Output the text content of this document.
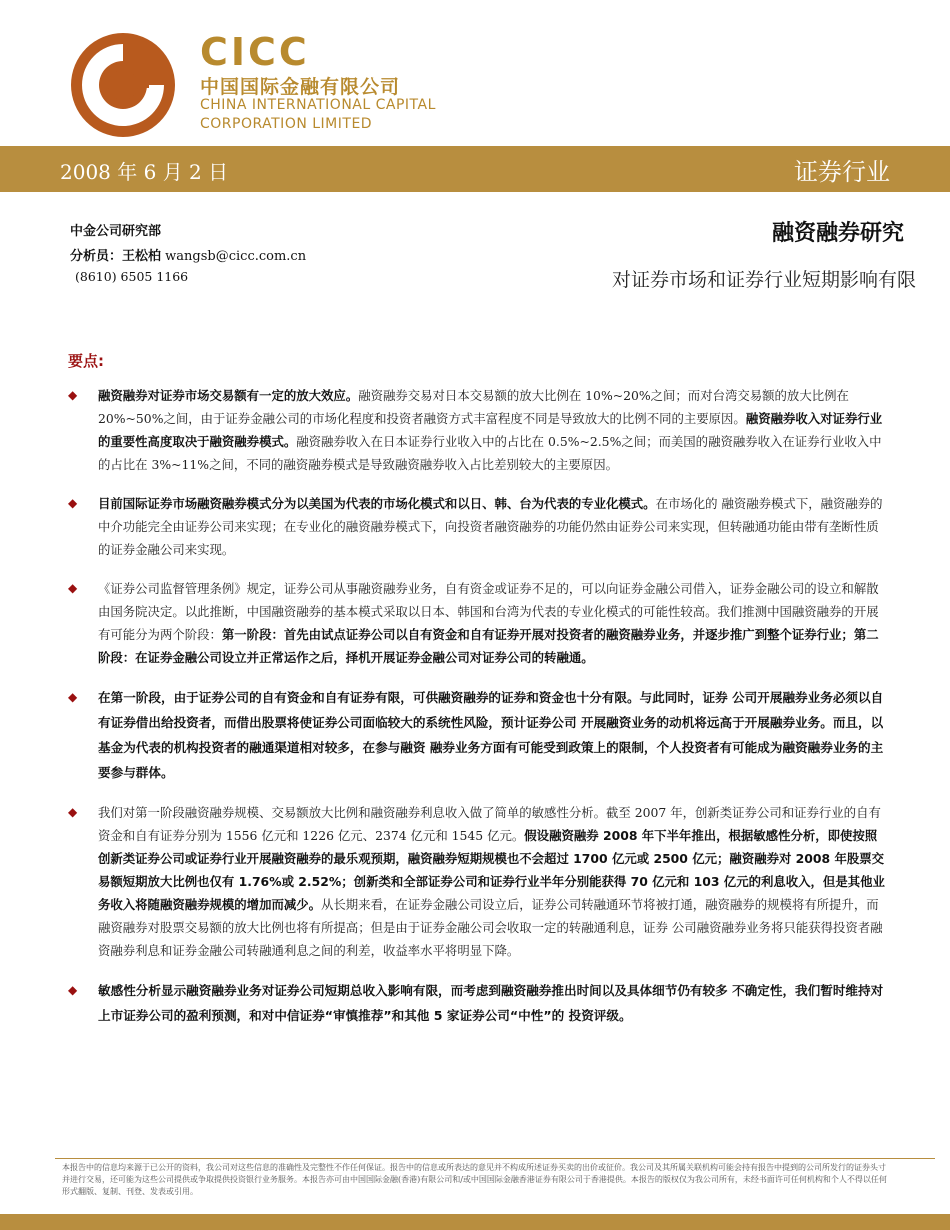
CICC
中国国际金融有限公司
CHINA INTERNATIONAL CAPITAL
CORPORATION LIMITED
2008 年 6 月 2 日	证券行业
中金公司研究部
分析员：王松柏 wangsb@cicc.com.cn
(8610) 6505 1166
融资融券研究
对证券市场和证券行业短期影响有限
要点:
◆ 融资融券对证券市场交易额有一定的放大效应。融资融券交易对日本交易额的放大比例在 10%~20%之间；而对台湾交易额的放大比例在 20%~50%之间，由于证券金融公司的市场化程度和投资者融资方式丰富程度不同是导致放大的比例不同的主要原因。融资融券收入对证券行业的重要性高度取决于融资融券模式。融资融券收入在日本证券行业收入中的占比在 0.5%~2.5%之间；而美国的融资融券收入在证券行业收入中的占比在 3%~11%之间，不同的融资融券模式是导致融资融券收入占比差别较大的主要原因。
◆ 目前国际证券市场融资融券模式分为以美国为代表的市场化模式和以日、韩、台为代表的专业化模式。在市场化的 融资融券模式下，融资融券的中介功能完全由证券公司来实现；在专业化的融资融券模式下，向投资者融资融券的功能仍然由证券公司来实现，但转融通功能由带有垄断性质的证券金融公司来实现。
◆ 《证券公司监督管理条例》规定，证券公司从事融资融券业务，自有资金或证券不足的，可以向证券金融公司借入，证券金融公司的设立和解散由国务院决定。以此推断，中国融资融券的基本模式采取以日本、韩国和台湾为代表的专业化模式的可能性较高。我们推测中国融资融券的开展有可能分为两个阶段：第一阶段：首先由试点证券公司以自有资金和自有证券开展对投资者的融资融券业务，并逐步推广到整个证券行业；第二阶段：在证券金融公司设立并正常运作之后，择机开展证券金融公司对证券公司的转融通。
◆ 在第一阶段，由于证券公司的自有资金和自有证券有限，可供融资融券的证券和资金也十分有限。与此同时，证券 公司开展融券业务必须以自有证券借出给投资者，而借出股票将使证券公司面临较大的系统性风险，预计证券公司 开展融资业务的动机将远高于开展融券业务。而且，以基金为代表的机构投资者的融通渠道相对较多，在参与融资 融券业务方面有可能受到政策上的限制，个人投资者有可能成为融资融券业务的主要参与群体。
◆ 我们对第一阶段融资融券规模、交易额放大比例和融资融券利息收入做了简单的敏感性分析。截至 2007 年，创新类证券公司和证券行业的自有资金和自有证券分别为 1556 亿元和 1226 亿元、2374 亿元和 1545 亿元。假设融资融券 2008 年下半年推出，根据敏感性分析，即使按照创新类证券公司或证券行业开展融资融券的最乐观预期，融资融券短期规模也不会超过 1700 亿元或 2500 亿元；融资融券对 2008 年股票交易额短期放大比例也仅有 1.76%或 2.52%；创新类和全部证券公司和证券行业半年分别能获得 70 亿元和 103 亿元的利息收入，但是其他业务收入将随融资融券规模的增加而减少。从长期来看，在证券金融公司设立后，证券公司转融通环节将被打通，融资融券的规模将有所提升，而融资融券对股票交易额的放大比例也将有所提高；但是由于证券金融公司会收取一定的转融通利息，证券 公司融资融券业务将只能获得投资者融资融券利息和证券金融公司转融通利息之间的利差，收益率水平将明显下降。
◆ 敏感性分析显示融资融券业务对证券公司短期总收入影响有限，而考虑到融资融券推出时间以及具体细节仍有较多 不确定性，我们暂时维持对上市证券公司的盈利预测，和对中信证券“审慎推荐”和其他 5 家证券公司“中性”的 投资评级。
本报告中的信息均来源于已公开的资料，我公司对这些信息的准确性及完整性不作任何保证。报告中的信息或所表达的意见并不构成所述证券买卖的出价或征价。我公司及其所属关联机构可能会持有报告中提到的公司所发行的证券头寸并进行交易，还可能为这些公司提供或争取提供投资银行业务服务。本报告亦可由中国国际金融(香港)有限公司和/或中国国际金融香港证券有限公司于香港提供。本报告的版权仅为我公司所有，未经书面许可任何机构和个人不得以任何形式翻版、复制、刊登、发表或引用。
